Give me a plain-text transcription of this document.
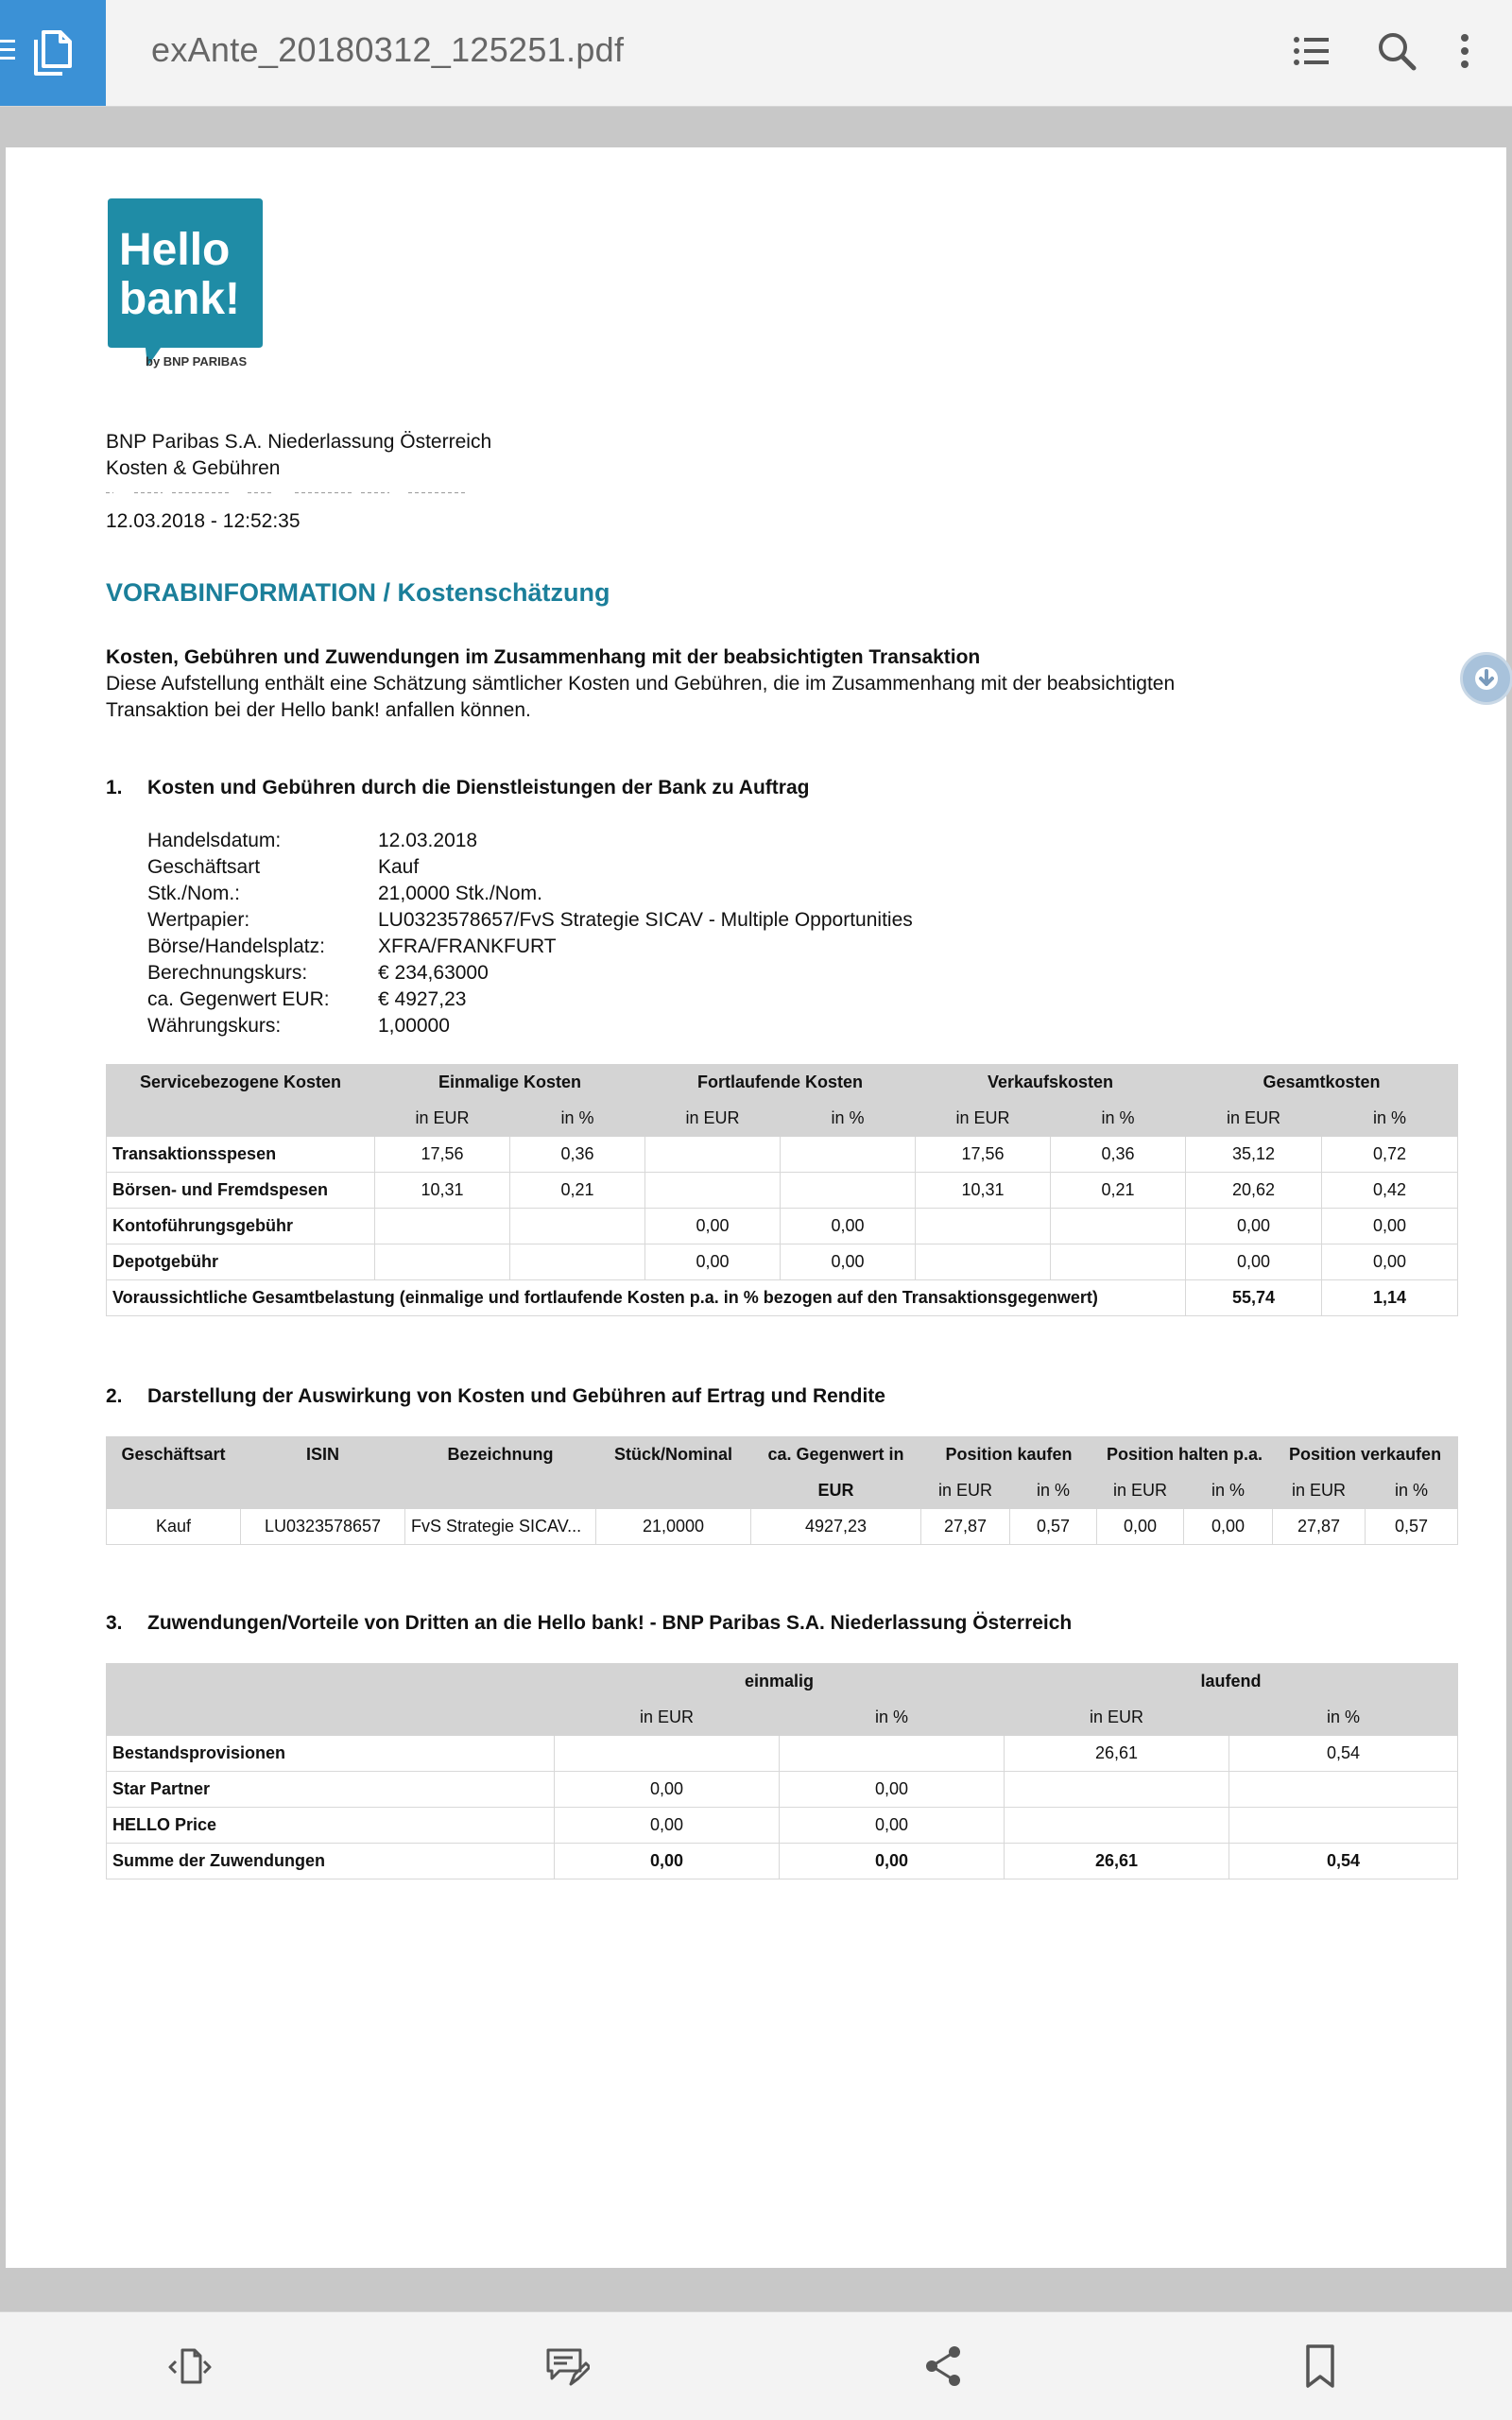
exAnte_20180312_125251.pdf
Hello
bank!
by BNP PARIBAS
BNP Paribas S.A. Niederlassung Österreich
Kosten & Gebühren
12.03.2018 - 12:52:35
VORABINFORMATION / Kostenschätzung
Kosten, Gebühren und Zuwendungen im Zusammenhang mit der beabsichtigten Transaktion
Diese Aufstellung enthält eine Schätzung sämtlicher Kosten und Gebühren, die im Zusammenhang mit der beabsichtigten
Transaktion bei der Hello bank! anfallen können.
1. Kosten und Gebühren durch die Dienstleistungen der Bank zu Auftrag
Handelsdatum:	12.03.2018
Geschäftsart	Kauf
Stk./Nom.:	21,0000 Stk./Nom.
Wertpapier:	LU0323578657/FvS Strategie SICAV - Multiple Opportunities
Börse/Handelsplatz:	XFRA/FRANKFURT
Berechnungskurs:	€ 234,63000
ca. Gegenwert EUR:	€ 4927,23
Währungskurs:	1,00000
Servicebezogene Kosten	Einmalige Kosten		Fortlaufende Kosten		Verkaufskosten		Gesamtkosten	
	in EUR	in %	in EUR	in %	in EUR	in %	in EUR	in %
Transaktionsspesen	17,56	0,36			17,56	0,36	35,12	0,72
Börsen- und Fremdspesen	10,31	0,21			10,31	0,21	20,62	0,42
Kontoführungsgebühr			0,00	0,00			0,00	0,00
Depotgebühr			0,00	0,00			0,00	0,00
Voraussichtliche Gesamtbelastung (einmalige und fortlaufende Kosten p.a. in % bezogen auf den Transaktionsgegenwert)							55,74	1,14
2. Darstellung der Auswirkung von Kosten und Gebühren auf Ertrag und Rendite
Geschäftsart	ISIN	Bezeichnung	Stück/Nominal	ca. Gegenwert in	Position kaufen		Position halten p.a.		Position verkaufen	
				EUR	in EUR	in %	in EUR	in %	in EUR	in %
Kauf	LU0323578657	FvS Strategie SICAV...	21,0000	4927,23	27,87	0,57	0,00	0,00	27,87	0,57
3. Zuwendungen/Vorteile von Dritten an die Hello bank! - BNP Paribas S.A. Niederlassung Österreich
	einmalig		laufend	
	in EUR	in %	in EUR	in %
Bestandsprovisionen			26,61	0,54
Star Partner	0,00	0,00		
HELLO Price	0,00	0,00		
Summe der Zuwendungen	0,00	0,00	26,61	0,54
